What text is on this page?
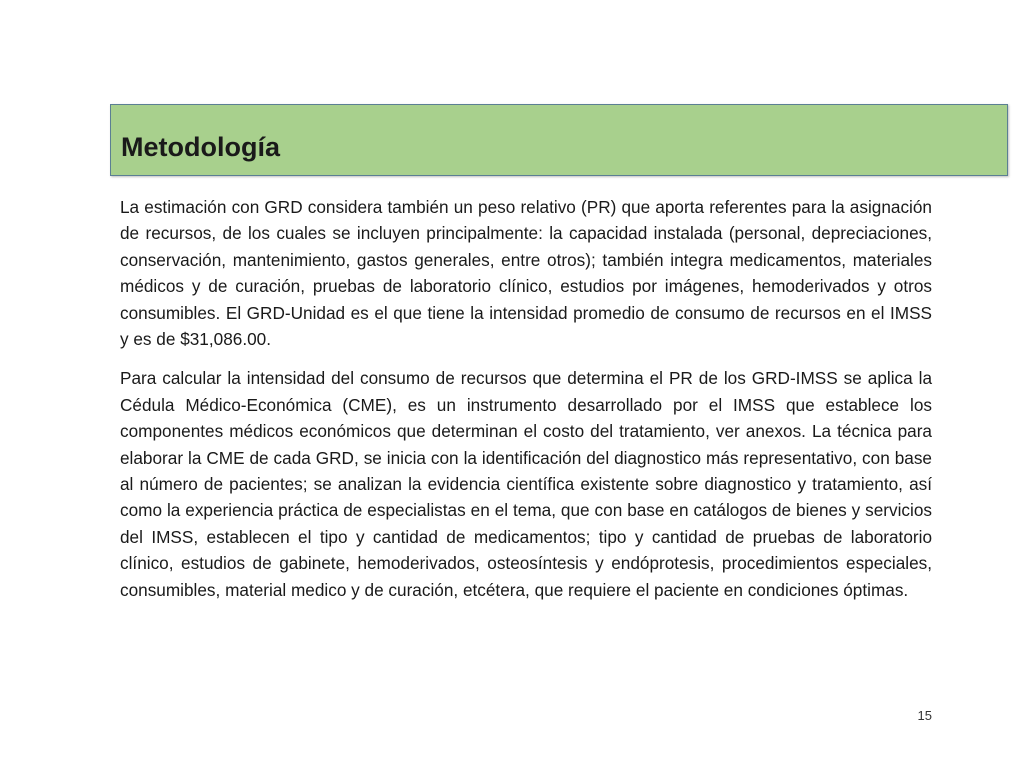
Metodología

La estimación con GRD considera también un peso relativo (PR) que aporta referentes para la asignación de recursos, de los cuales se incluyen principalmente: la capacidad instalada (personal, depreciaciones, conservación, mantenimiento, gastos generales, entre otros); también integra medicamentos, materiales médicos y de curación, pruebas de laboratorio clínico, estudios por imágenes, hemoderivados y otros consumibles. El GRD-Unidad es el que tiene la intensidad promedio de consumo de recursos en el IMSS y es de $31,086.00.

Para calcular la intensidad del consumo de recursos que determina el PR de los GRD-IMSS se aplica la Cédula Médico-Económica (CME), es un instrumento desarrollado por el IMSS que establece los componentes médicos económicos que determinan el costo del tratamiento, ver anexos. La técnica para elaborar la CME de cada GRD, se inicia con la identificación del diagnostico más representativo, con base al número de pacientes; se analizan la evidencia científica existente sobre diagnostico y tratamiento, así como la experiencia práctica de especialistas en el tema, que con base en catálogos de bienes y servicios del IMSS, establecen el tipo y cantidad de medicamentos; tipo y cantidad de pruebas de laboratorio clínico, estudios de gabinete, hemoderivados, osteosíntesis y endóprotesis, procedimientos especiales, consumibles, material medico y de curación, etcétera, que requiere el paciente en condiciones óptimas.

15
